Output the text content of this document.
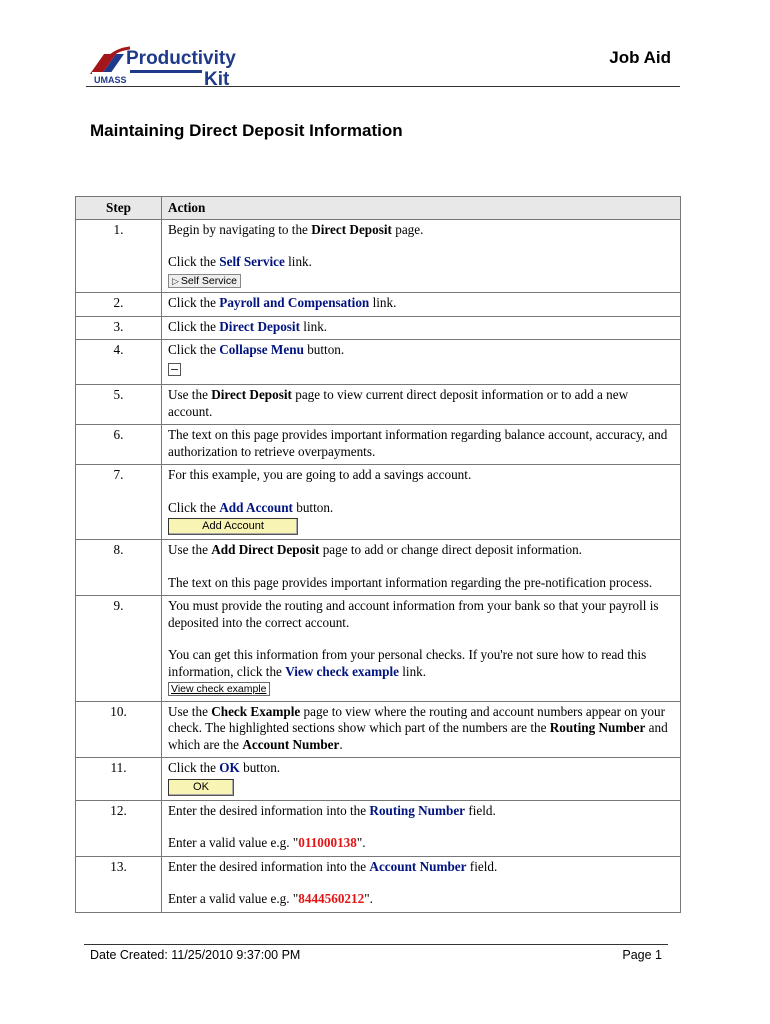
Productivity
UMASS	Kit
Job Aid
Maintaining Direct Deposit Information
Step	Action
1.	Begin by navigating to the Direct Deposit page.
Click the Self Service link.
▷ Self Service
2.	Click the Payroll and Compensation link.
3.	Click the Direct Deposit link.
4.	Click the Collapse Menu button.

5.	Use the Direct Deposit page to view current direct deposit information or to add a new account.
6.	The text on this page provides important information regarding balance account, accuracy, and authorization to retrieve overpayments.
7.	For this example, you are going to add a savings account.
Click the Add Account button.
Add Account
8.	Use the Add Direct Deposit page to add or change direct deposit information.
The text on this page provides important information regarding the pre-notification process.
9.	You must provide the routing and account information from your bank so that your payroll is deposited into the correct account.
You can get this information from your personal checks. If you're not sure how to read this information, click the View check example link.
View check example
10.	Use the Check Example page to view where the routing and account numbers appear on your check. The highlighted sections show which part of the numbers are the Routing Number and which are the Account Number.
11.	Click the OK button.
OK
12.	Enter the desired information into the Routing Number field.
Enter a valid value e.g. "011000138".
13.	Enter the desired information into the Account Number field.
Enter a valid value e.g. "8444560212".
Date Created: 11/25/2010 9:37:00 PM	Page 1
